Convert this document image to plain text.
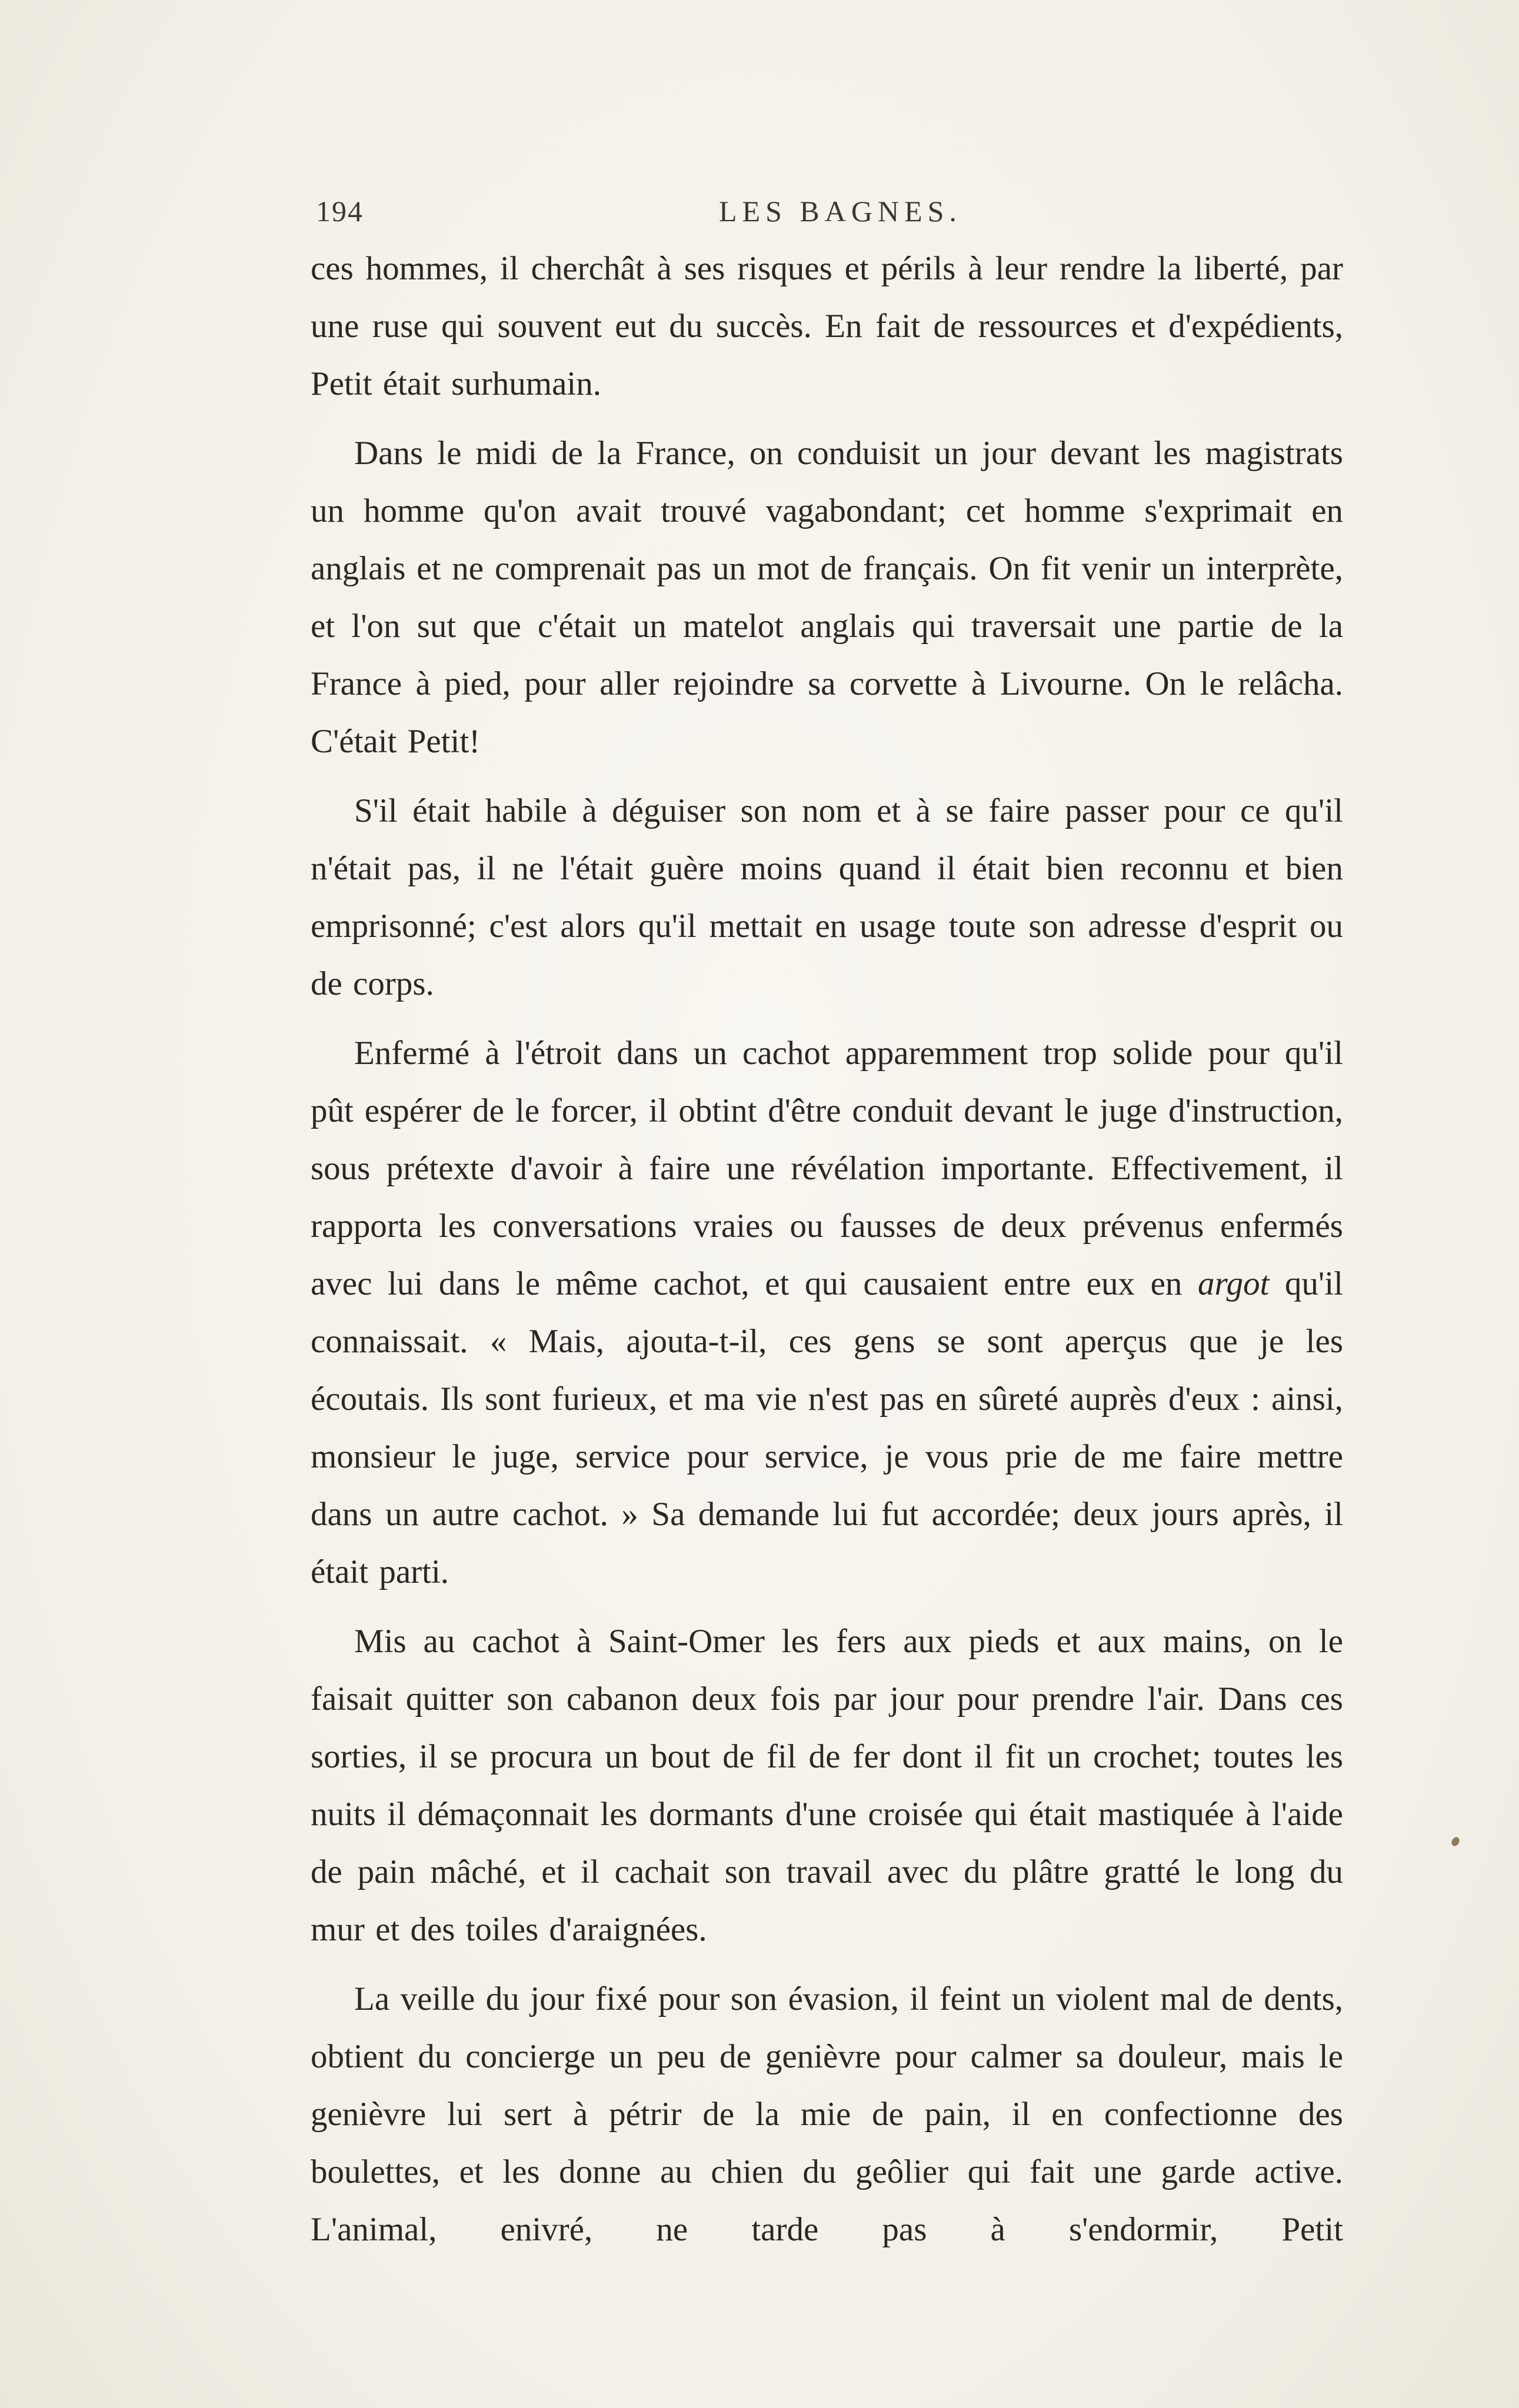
194	LES BAGNES.

ces hommes, il cherchât à ses risques et périls à leur rendre la liberté, par une ruse qui souvent eut du succès. En fait de ressources et d'expédients, Petit était surhumain.

Dans le midi de la France, on conduisit un jour devant les magistrats un homme qu'on avait trouvé vagabondant; cet homme s'exprimait en anglais et ne comprenait pas un mot de français. On fit venir un interprète, et l'on sut que c'était un matelot anglais qui traversait une partie de la France à pied, pour aller rejoindre sa corvette à Livourne. On le relâcha. C'était Petit!

S'il était habile à déguiser son nom et à se faire passer pour ce qu'il n'était pas, il ne l'était guère moins quand il était bien reconnu et bien emprisonné; c'est alors qu'il mettait en usage toute son adresse d'esprit ou de corps.

Enfermé à l'étroit dans un cachot apparemment trop solide pour qu'il pût espérer de le forcer, il obtint d'être conduit devant le juge d'instruction, sous prétexte d'avoir à faire une révélation importante. Effectivement, il rapporta les conversations vraies ou fausses de deux prévenus enfermés avec lui dans le même cachot, et qui causaient entre eux en argot qu'il connaissait. « Mais, ajouta-t-il, ces gens se sont aperçus que je les écoutais. Ils sont furieux, et ma vie n'est pas en sûreté auprès d'eux : ainsi, monsieur le juge, service pour service, je vous prie de me faire mettre dans un autre cachot. » Sa demande lui fut accordée; deux jours après, il était parti.

Mis au cachot à Saint-Omer les fers aux pieds et aux mains, on le faisait quitter son cabanon deux fois par jour pour prendre l'air. Dans ces sorties, il se procura un bout de fil de fer dont il fit un crochet; toutes les nuits il démaçonnait les dormants d'une croisée qui était mastiquée à l'aide de pain mâché, et il cachait son travail avec du plâtre gratté le long du mur et des toiles d'araignées.

La veille du jour fixé pour son évasion, il feint un violent mal de dents, obtient du concierge un peu de genièvre pour calmer sa douleur, mais le genièvre lui sert à pétrir de la mie de pain, il en confectionne des boulettes, et les donne au chien du geôlier qui fait une garde active. L'animal, enivré, ne tarde pas à s'endormir, Petit
